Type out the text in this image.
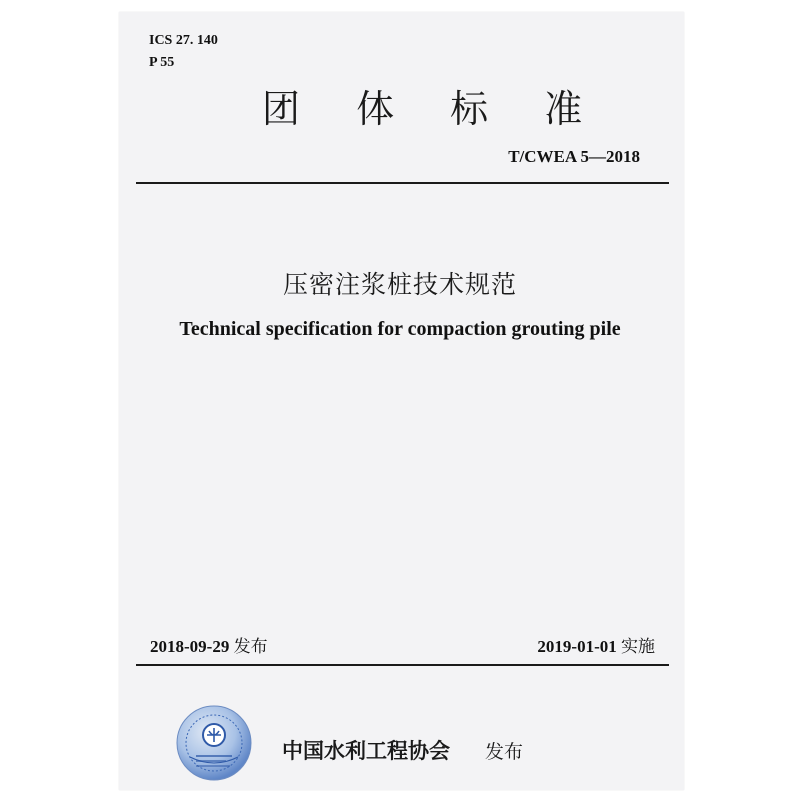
ICS 27. 140
P 55
团 体 标 准
T/CWEA 5—2018
压密注浆桩技术规范
Technical specification for compaction grouting pile
2018-09-29 发布	2019-01-01 实施
中国水利工程协会 发布
